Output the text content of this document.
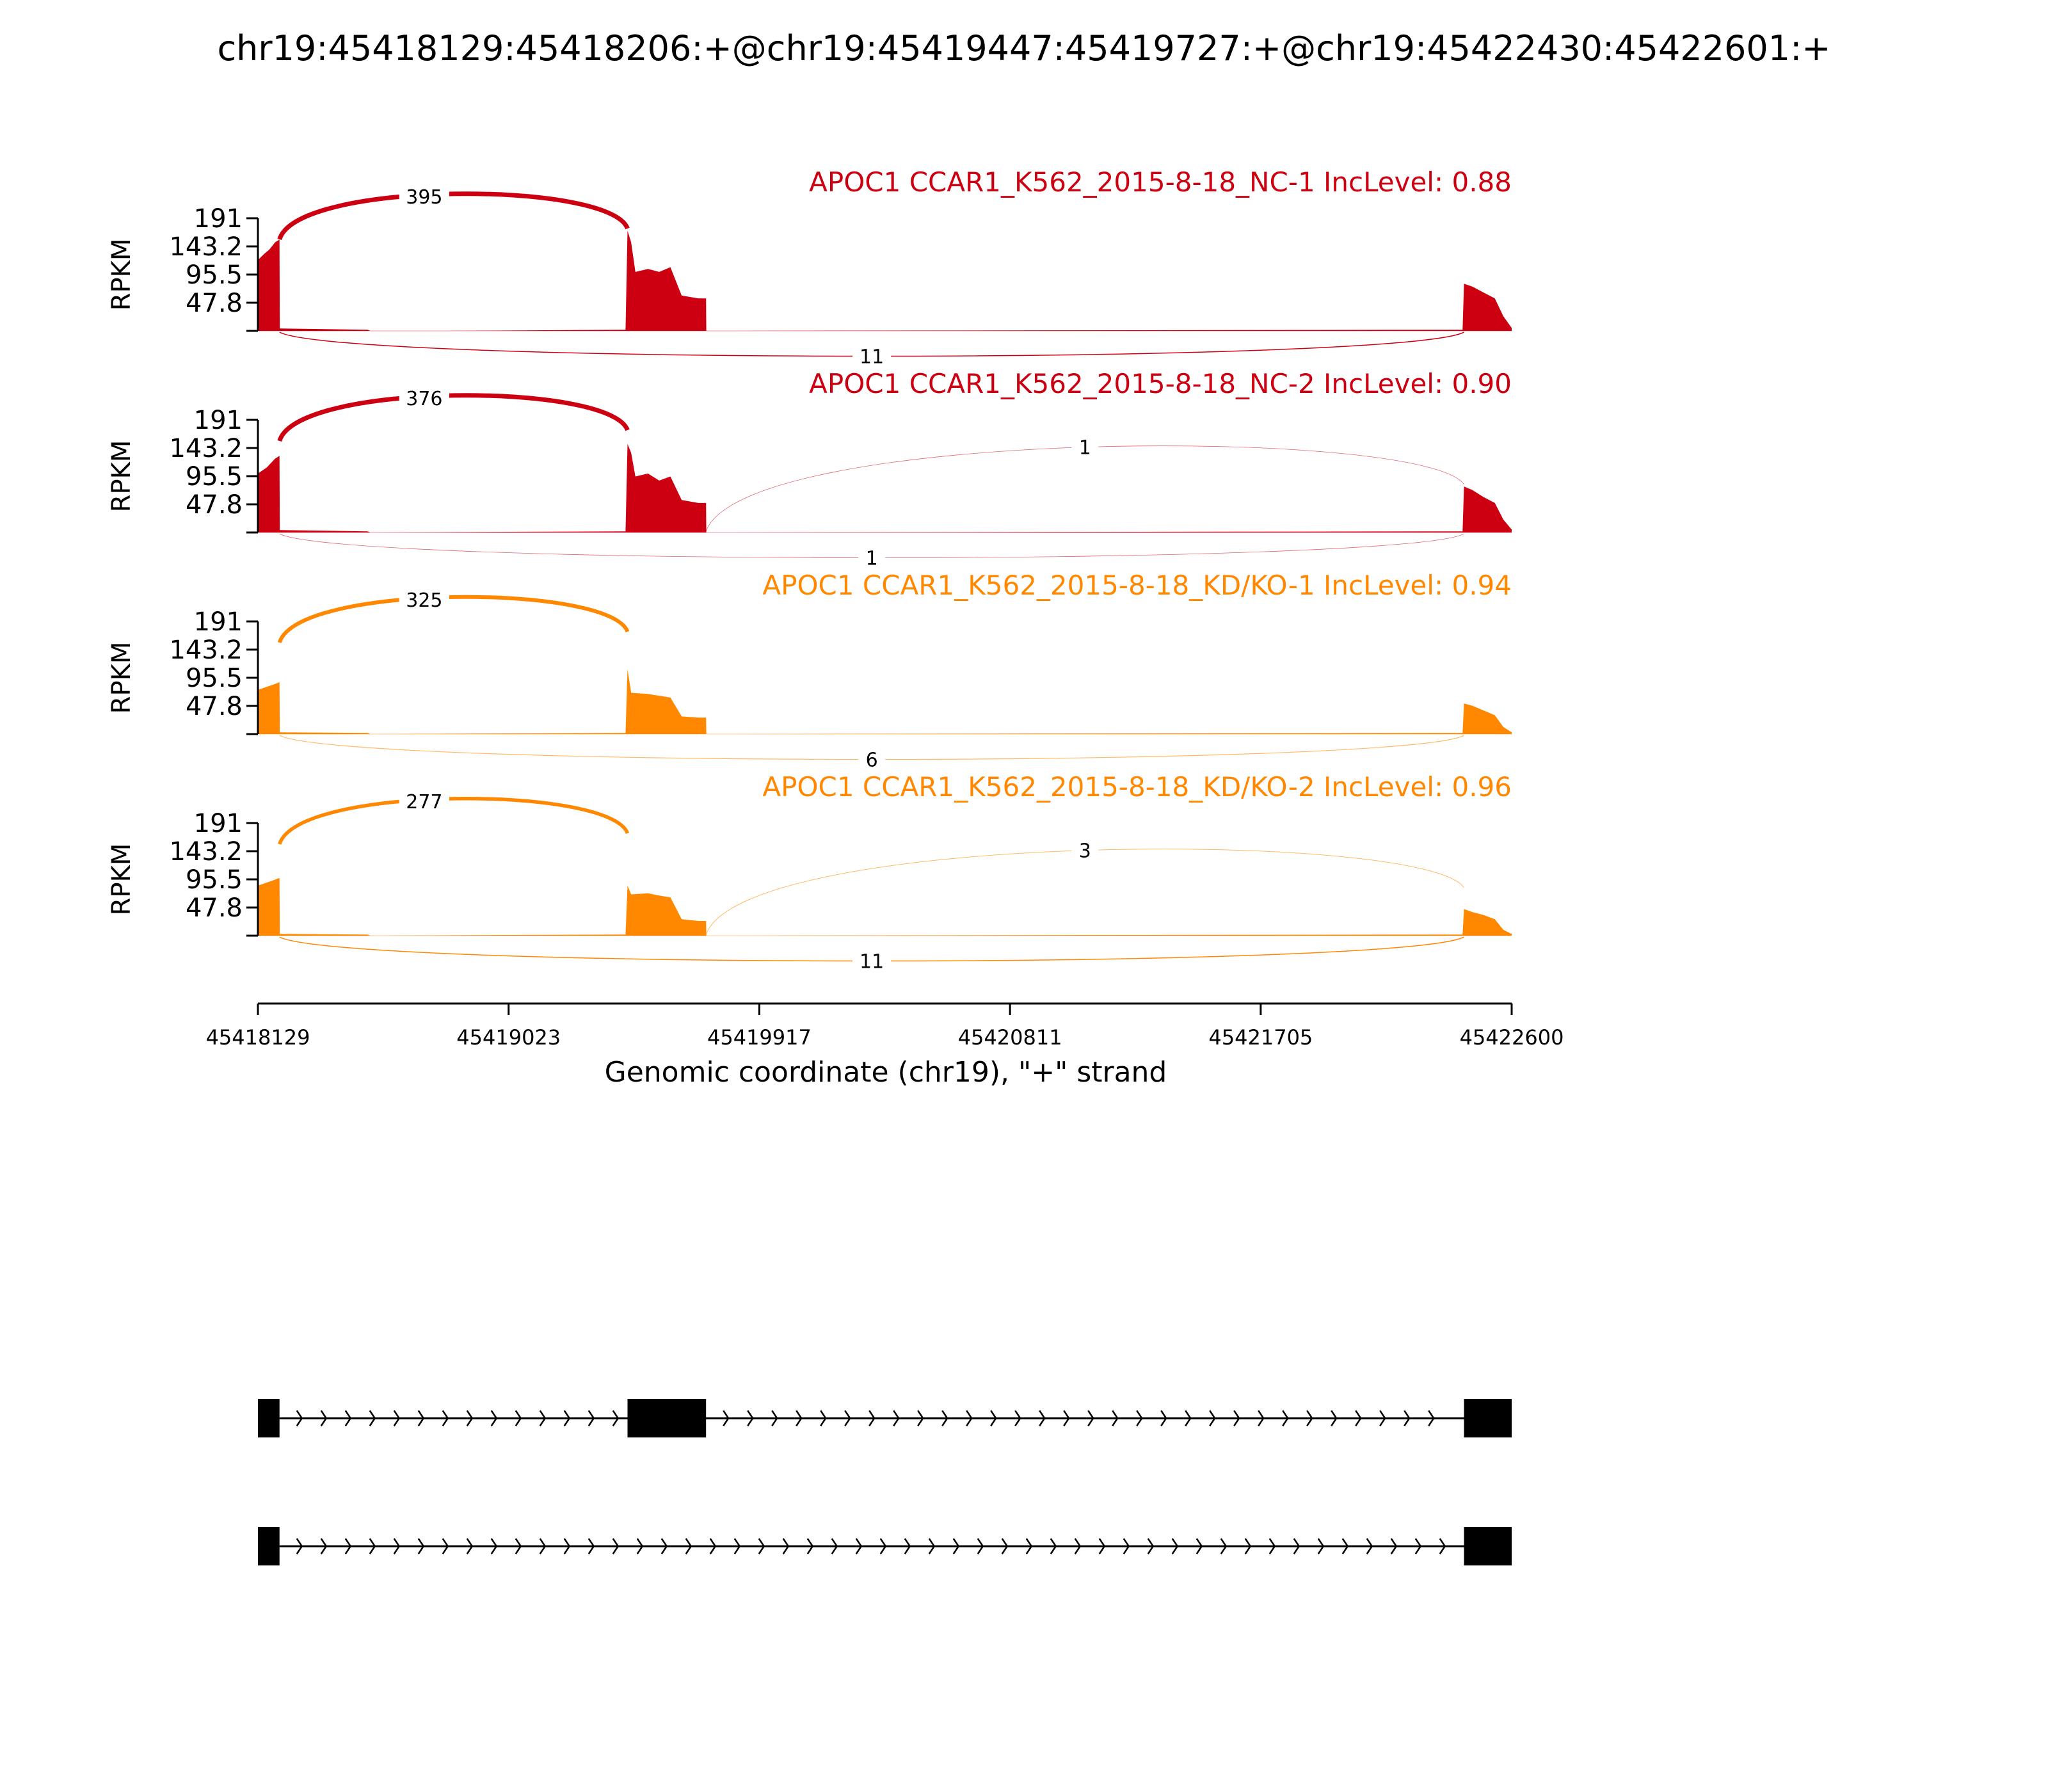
chr19:45418129:45418206:+@chr19:45419447:45419727:+@chr19:45422430:45422601:+
47.8
95.5
143.2
191
RPKM
APOC1 CCAR1_K562_2015-8-18_NC-1 IncLevel: 0.88
395
11
47.8
95.5
143.2
191
RPKM
APOC1 CCAR1_K562_2015-8-18_NC-2 IncLevel: 0.90
376
1
1
47.8
95.5
143.2
191
RPKM
APOC1 CCAR1_K562_2015-8-18_KD/KO-1 IncLevel: 0.94
325
6
47.8
95.5
143.2
191
RPKM
APOC1 CCAR1_K562_2015-8-18_KD/KO-2 IncLevel: 0.96
277
3
11
45418129	45419023	45419917	45420811	45421705	45422600
Genomic coordinate (chr19), "+" strand
